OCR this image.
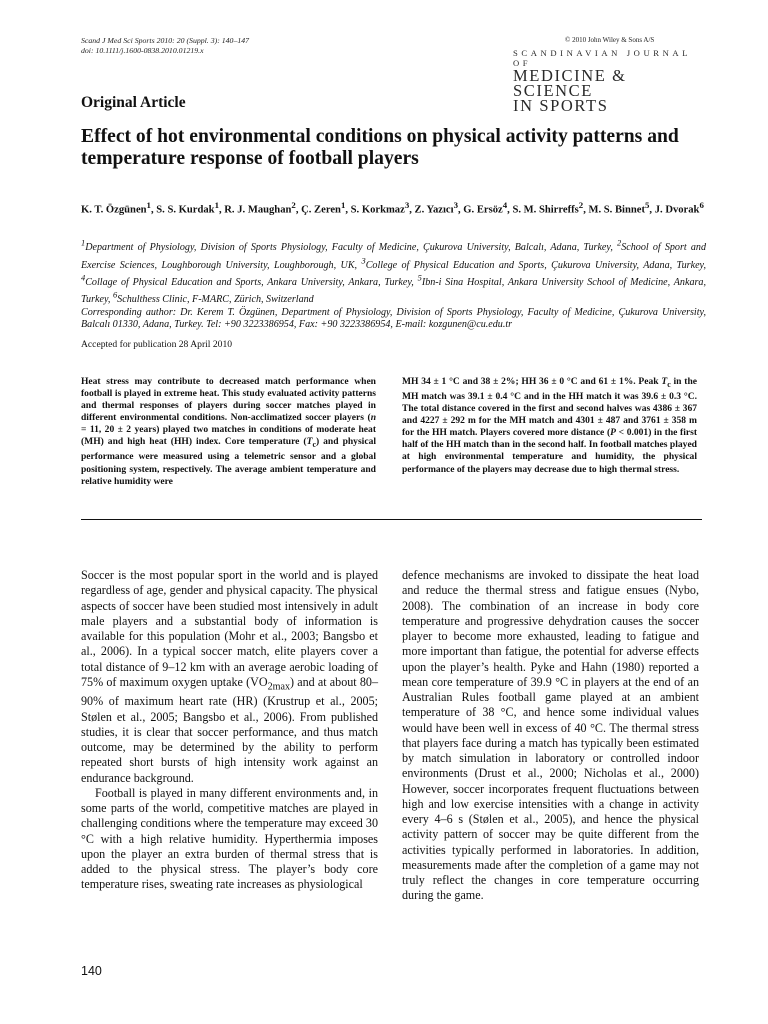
Scand J Med Sci Sports 2010: 20 (Suppl. 3): 140–147
doi: 10.1111/j.1600-0838.2010.01219.x
© 2010 John Wiley & Sons A/S
SCANDINAVIAN JOURNAL OF
MEDICINE & SCIENCE
IN SPORTS
Original Article
Effect of hot environmental conditions on physical activity patterns and temperature response of football players
K. T. Özgünen$^1$, S. S. Kurdak$^1$, R. J. Maughan$^2$, Ç. Zeren$^1$, S. Korkmaz$^3$, Z. Yazıcı$^3$, G. Ersöz$^4$, S. M. Shirreffs$^2$, M. S. Binnet$^5$, J. Dvorak$^6$
$^1$Department of Physiology, Division of Sports Physiology, Faculty of Medicine, Çukurova University, Balcalı, Adana, Turkey, $^2$School of Sport and Exercise Sciences, Loughborough University, Loughborough, UK, $^3$College of Physical Education and Sports, Çukurova University, Adana, Turkey, $^4$Collage of Physical Education and Sports, Ankara University, Ankara, Turkey, $^5$Ibn-i Sina Hospital, Ankara University School of Medicine, Ankara, Turkey, $^6$Schulthess Clinic, F-MARC, Zürich, Switzerland
Corresponding author: Dr. Kerem T. Özgünen, Department of Physiology, Division of Sports Physiology, Faculty of Medicine, Çukurova University, Balcalı 01330, Adana, Turkey. Tel: +90 3223386954, Fax: +90 3223386954, E-mail: kozgunen@cu.edu.tr
Accepted for publication 28 April 2010
Heat stress may contribute to decreased match performance when football is played in extreme heat. This study evaluated activity patterns and thermal responses of players during soccer matches played in different environmental conditions. Non-acclimatized soccer players (n = 11, 20 ± 2 years) played two matches in conditions of moderate heat (MH) and high heat (HH) index. Core temperature $(T_c)$ and physical performance were measured using a telemetric sensor and a global positioning system, respectively. The average ambient temperature and relative humidity were
MH 34 ± 1 °C and 38 ± 2%; HH 36 ± 0 °C and 61 ± 1%. Peak $T_c$ in the MH match was 39.1 ± 0.4 °C and in the HH match it was 39.6 ± 0.3 °C. The total distance covered in the first and second halves was 4386 ± 367 and 4227 ± 292 m for the MH match and 4301 ± 487 and 3761 ± 358 m for the HH match. Players covered more distance (P < 0.001) in the first half of the HH match than in the second half. In football matches played at high environmental temperature and humidity, the physical performance of the players may decrease due to high thermal stress.

Soccer is the most popular sport in the world and is played regardless of age, gender and physical capacity. The physical aspects of soccer have been studied most intensively in adult male players and a substantial body of information is available for this population (Mohr et al., 2003; Bangsbo et al., 2006). In a typical soccer match, elite players cover a total distance of 9–12 km with an average aerobic loading of 75% of maximum oxygen uptake $(VO_{2max})$ and at about 80–90% of maximum heart rate (HR) (Krustrup et al., 2005; Stølen et al., 2005; Bangsbo et al., 2006). From published studies, it is clear that soccer performance, and thus match outcome, may be determined by the ability to perform repeated short bursts of high intensity work against an endurance background.

Football is played in many different environments and, in some parts of the world, competitive matches are played in challenging conditions where the temperature may exceed 30 °C with a high relative humidity. Hyperthermia imposes upon the player an extra burden of thermal stress that is added to the physical stress. The player’s body core temperature rises, sweating rate increases as physiological

defence mechanisms are invoked to dissipate the heat load and reduce the thermal stress and fatigue ensues (Nybo, 2008). The combination of an increase in body core temperature and progressive dehydration causes the soccer player to become more exhausted, leading to fatigue and more important than fatigue, the potential for adverse effects upon the player’s health. Pyke and Hahn (1980) reported a mean core temperature of 39.9 °C in players at the end of an Australian Rules football game played at an ambient temperature of 38 °C, and hence some individual values would have been well in excess of 40 °C. The thermal stress that players face during a match has typically been estimated by match simulation in laboratory or controlled indoor environments (Drust et al., 2000; Nicholas et al., 2000) However, soccer incorporates frequent fluctuations between high and low exercise intensities with a change in activity every 4–6 s (Stølen et al., 2005), and hence the physical activity pattern of soccer may be quite different from the activities typically performed in laboratories. In addition, measurements made after the completion of a game may not truly reflect the changes in core temperature occurring during the game.

140
